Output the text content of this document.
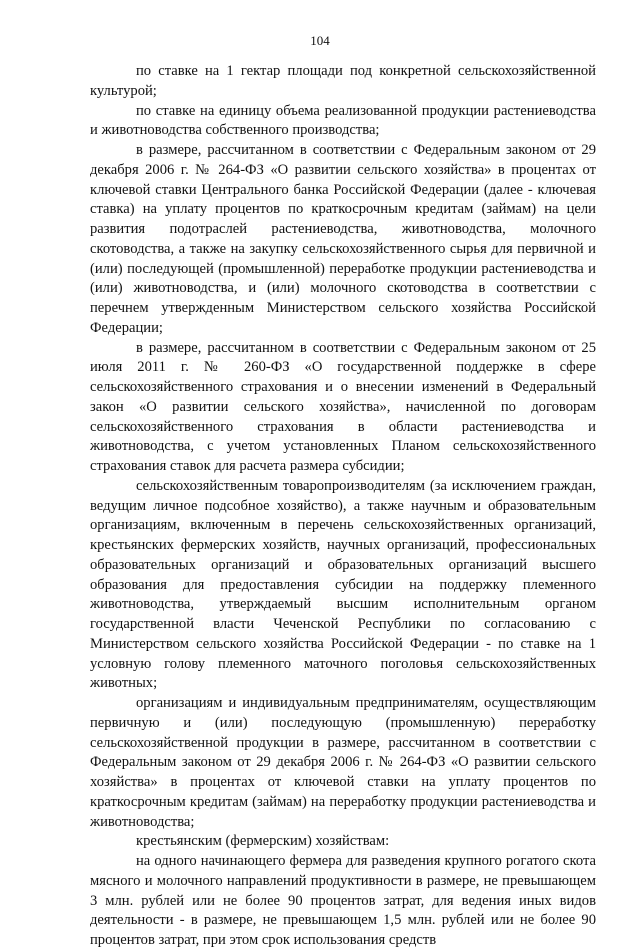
104

по ставке на 1 гектар площади под конкретной сельскохозяйственной культурой;

по ставке на единицу объема реализованной продукции растениеводства и животноводства собственного производства;

в размере, рассчитанном в соответствии с Федеральным законом от 29 декабря 2006 г. № 264-ФЗ «О развитии сельского хозяйства» в процентах от ключевой ставки Центрального банка Российской Федерации (далее - ключевая ставка) на уплату процентов по краткосрочным кредитам (займам) на цели развития подотраслей растениеводства, животноводства, молочного скотоводства, а также на закупку сельскохозяйственного сырья для первичной и (или) последующей (промышленной) переработке продукции растениеводства и (или) животноводства, и (или) молочного скотоводства в соответствии с перечнем утвержденным Министерством сельского хозяйства Российской Федерации;

в размере, рассчитанном в соответствии с Федеральным законом от 25 июля 2011 г. № 260-ФЗ «О государственной поддержке в сфере сельскохозяйственного страхования и о внесении изменений в Федеральный закон «О развитии сельского хозяйства», начисленной по договорам сельскохозяйственного страхования в области растениеводства и животноводства, с учетом установленных Планом сельскохозяйственного страхования ставок для расчета размера субсидии;

сельскохозяйственным товаропроизводителям (за исключением граждан, ведущим личное подсобное хозяйство), а также научным и образовательным организациям, включенным в перечень сельскохозяйственных организаций, крестьянских фермерских хозяйств, научных организаций, профессиональных образовательных организаций и образовательных организаций высшего образования для предоставления субсидии на поддержку племенного животноводства, утверждаемый высшим исполнительным органом государственной власти Чеченской Республики по согласованию с Министерством сельского хозяйства Российской Федерации - по ставке на 1 условную голову племенного маточного поголовья сельскохозяйственных животных;

организациям и индивидуальным предпринимателям, осуществляющим первичную и (или) последующую (промышленную) переработку сельскохозяйственной продукции в размере, рассчитанном в соответствии с Федеральным законом от 29 декабря 2006 г. № 264-ФЗ «О развитии сельского хозяйства» в процентах от ключевой ставки на уплату процентов по краткосрочным кредитам (займам) на переработку продукции растениеводства и животноводства;

крестьянским (фермерским) хозяйствам:

на одного начинающего фермера для разведения крупного рогатого скота мясного и молочного направлений продуктивности в размере, не превышающем 3 млн. рублей или не более 90 процентов затрат, для ведения иных видов деятельности - в размере, не превышающем 1,5 млн. рублей или не более 90 процентов затрат, при этом срок использования средств
